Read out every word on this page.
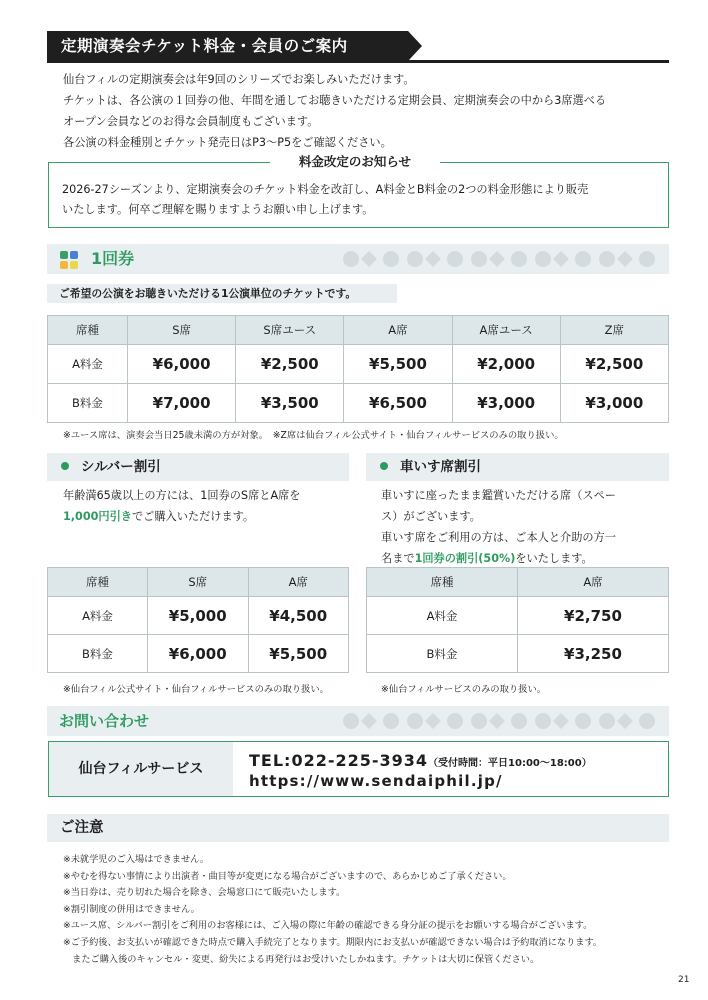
定期演奏会チケット料金・会員のご案内
仙台フィルの定期演奏会は年9回のシリーズでお楽しみいただけます。
チケットは、各公演の１回券の他、年間を通してお聴きいただける定期会員、定期演奏会の中から3席選べる
オープン会員などのお得な会員制度もございます。
各公演の料金種別とチケット発売日はP3～P5をご確認ください。
料金改定のお知らせ
2026-27シーズンより、定期演奏会のチケット料金を改訂し、A料金とB料金の2つの料金形態により販売
いたします。何卒ご理解を賜りますようお願い申し上げます。
1回券
ご希望の公演をお聴きいただける1公演単位のチケットです。
席種	S席	S席ユース	A席	A席ユース	Z席
A料金	¥6,000	¥2,500	¥5,500	¥2,000	¥2,500
B料金	¥7,000	¥3,500	¥6,500	¥3,000	¥3,000
※ユース席は、演奏会当日25歳未満の方が対象。　※Z席は仙台フィル公式サイト・仙台フィルサービスのみの取り扱い。
シルバー割引
年齢満65歳以上の方には、1回券のS席とA席を
1,000円引きでご購入いただけます。
席種	S席	A席
A料金	¥5,000	¥4,500
B料金	¥6,000	¥5,500
※仙台フィル公式サイト・仙台フィルサービスのみの取り扱い。
車いす席割引
車いすに座ったまま鑑賞いただける席（スペー
ス）がございます。
車いす席をご利用の方は、ご本人と介助の方一
名まで1回券の割引(50%)をいたします。
席種	A席
A料金	¥2,750
B料金	¥3,250
※仙台フィルサービスのみの取り扱い。
お問い合わせ
仙台フィルサービス	TEL:022-225-3934（受付時間：平日10:00～18:00）
https://www.sendaiphil.jp/
ご注意
※未就学児のご入場はできません。
※やむを得ない事情により出演者・曲目等が変更になる場合がございますので、あらかじめご了承ください。
※当日券は、売り切れた場合を除き、会場窓口にて販売いたします。
※割引制度の併用はできません。
※ユース席、シルバー割引をご利用のお客様には、ご入場の際に年齢の確認できる身分証の提示をお願いする場合がございます。
※ご予約後、お支払いが確認できた時点で購入手続完了となります。期限内にお支払いが確認できない場合は予約取消になります。
　またご購入後のキャンセル・変更、紛失による再発行はお受けいたしかねます。チケットは大切に保管ください。
21
